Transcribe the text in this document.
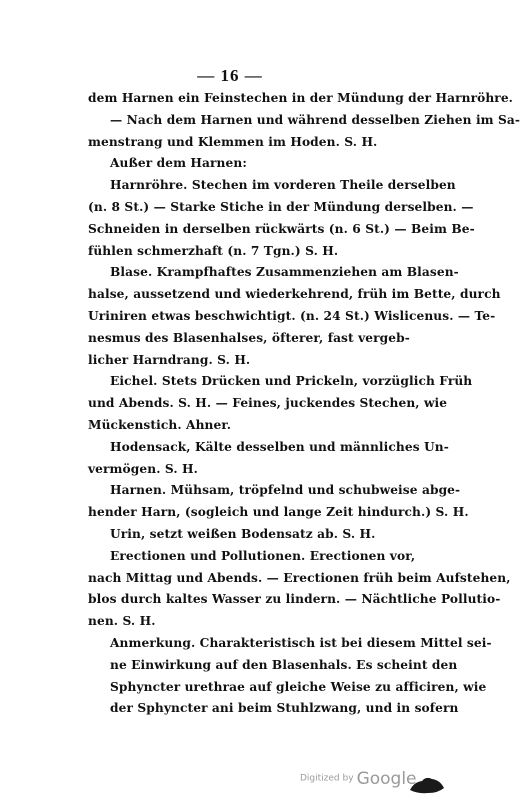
— 16 —
dem Harnen ein Feinstechen in der Mündung der Harnröhre.
— Nach dem Harnen und während desselben Ziehen im Sa-
menstrang und Klemmen im Hoden. S. H.
Außer dem Harnen:
Harnröhre. Stechen im vorderen Theile derselben
(n. 8 St.) — Starke Stiche in der Mündung derselben. —
Schneiden in derselben rückwärts (n. 6 St.) — Beim Be-
fühlen schmerzhaft (n. 7 Tgn.) S. H.
Blase. Krampfhaftes Zusammenziehen am Blasen-
halse, aussetzend und wiederkehrend, früh im Bette, durch
Uriniren etwas beschwichtigt. (n. 24 St.) Wislicenus. — Te-
nesmus des Blasenhalses, öfterer, fast vergeb-
licher Harndrang. S. H.
Eichel. Stets Drücken und Prickeln, vorzüglich Früh
und Abends. S. H. — Feines, juckendes Stechen, wie
Mückenstich. Ahner.
Hodensack, Kälte desselben und männliches Un-
vermögen. S. H.
Harnen. Mühsam, tröpfelnd und schubweise abge-
hender Harn, (sogleich und lange Zeit hindurch.) S. H.
Urin, setzt weißen Bodensatz ab. S. H.
Erectionen und Pollutionen. Erectionen vor,
nach Mittag und Abends. — Erectionen früh beim Aufstehen,
blos durch kaltes Wasser zu lindern. — Nächtliche Pollutio-
nen. S. H.
Anmerkung. Charakteristisch ist bei diesem Mittel sei-
ne Einwirkung auf den Blasenhals. Es scheint den
Sphyncter urethrae auf gleiche Weise zu afficiren, wie
der Sphyncter ani beim Stuhlzwang, und in sofern
Digitized by Google
